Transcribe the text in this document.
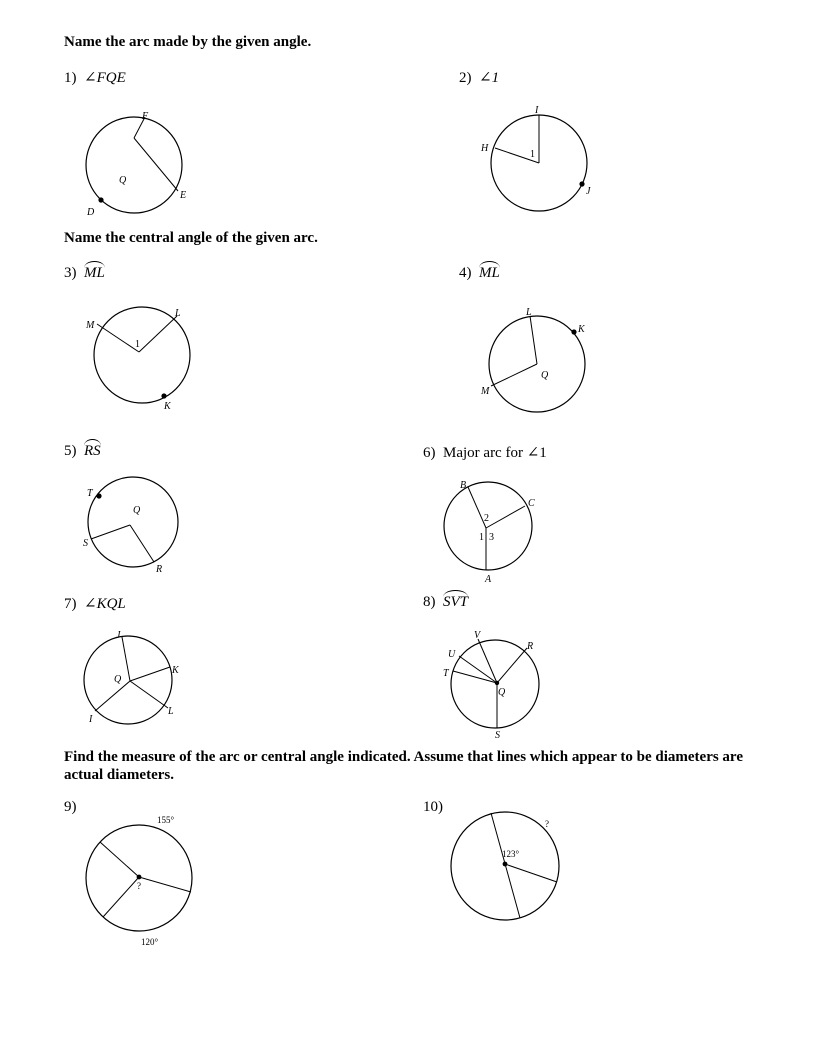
Name the arc made by the given angle.
1) ∠FQE
F
Q
E
D
2) ∠1
I
H
J
1
Name the central angle of the given arc.
3) ML
M
L
K
1
4) ML
L
K
M
Q
5) RS
T
Q
S
R
6) Major arc for ∠1
B
C
A
2
1 3
7) ∠KQL
J
Q
K
I
L
8) SVT
V
U
R
T
Q
S
Find the measure of the arc or central angle indicated. Assume that lines which appear to be diameters are actual diameters.
9)
155°
120°
?
10)
?
123°
